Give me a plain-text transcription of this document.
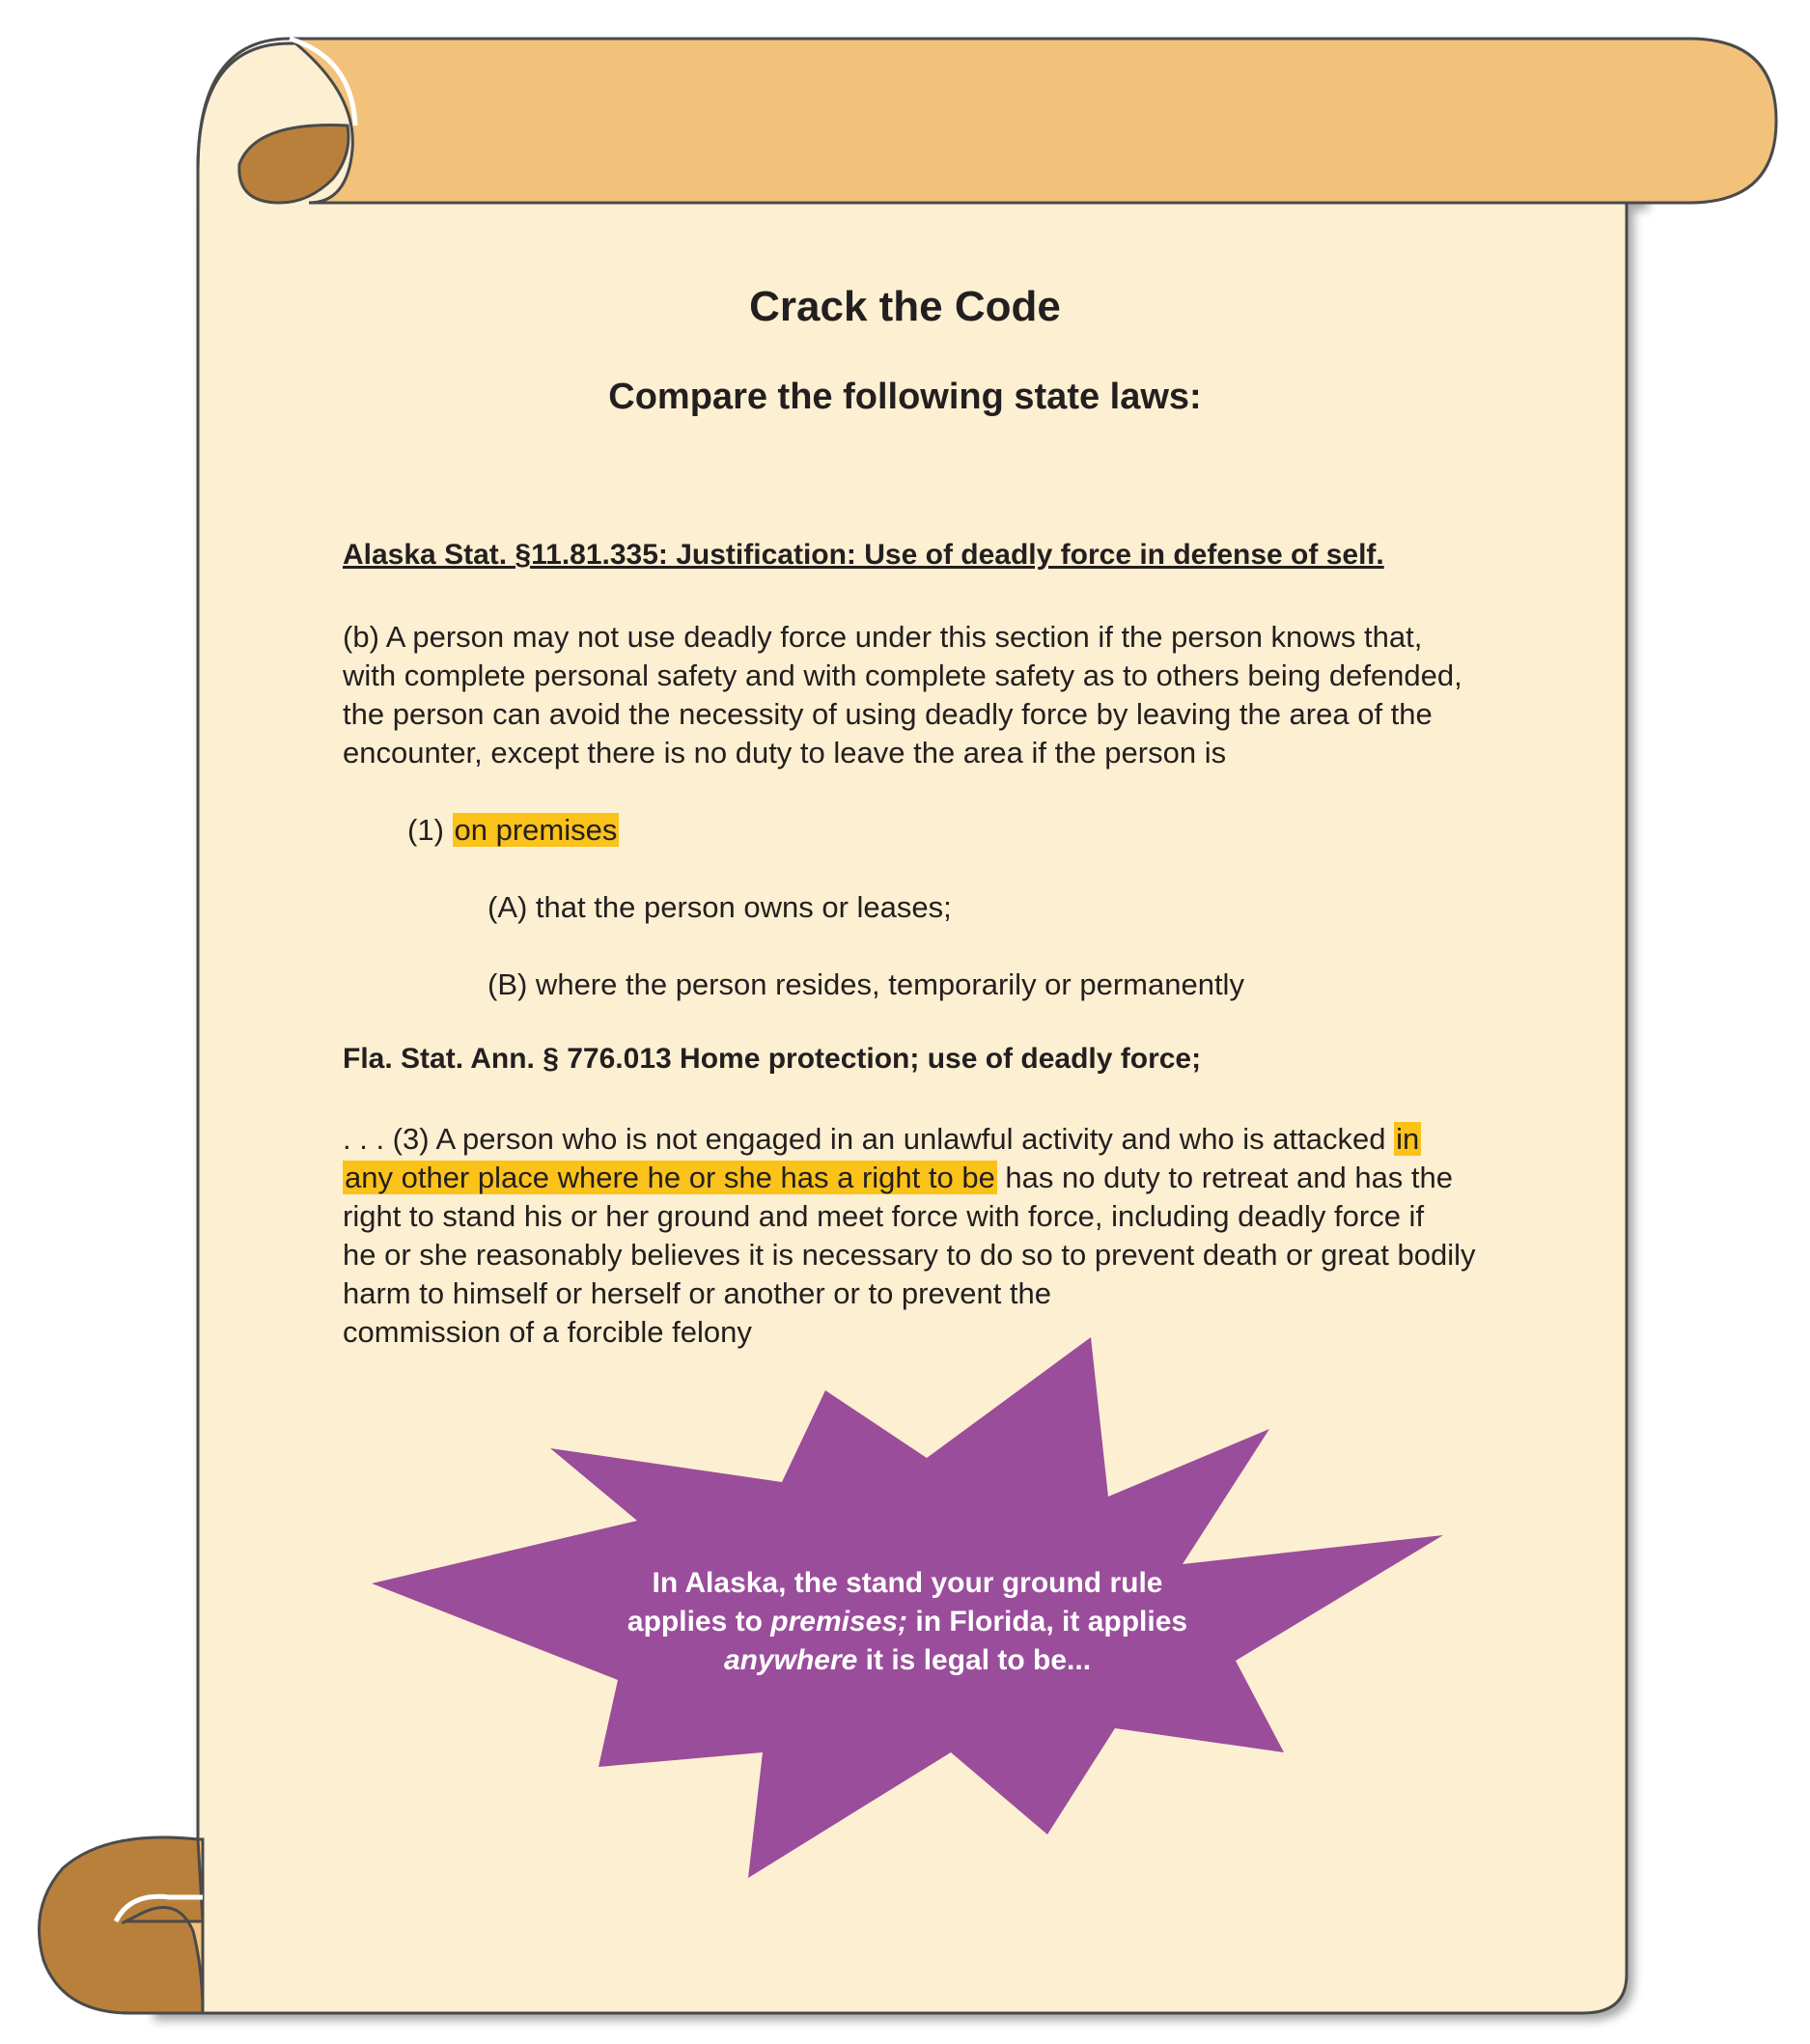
Crack the Code
Compare the following state laws:
Alaska Stat. §11.81.335: Justification: Use of deadly force in defense of self.
(b) A person may not use deadly force under this section if the person knows that,
with complete personal safety and with complete safety as to others being defended,
the person can avoid the necessity of using deadly force by leaving the area of the
encounter, except there is no duty to leave the area if the person is
(1) on premises
(A) that the person owns or leases;
(B) where the person resides, temporarily or permanently
Fla. Stat. Ann. § 776.013 Home protection; use of deadly force;
. . . (3) A person who is not engaged in an unlawful activity and who is attacked in
any other place where he or she has a right to be has no duty to retreat and has the
right to stand his or her ground and meet force with force, including deadly force if
he or she reasonably believes it is necessary to do so to prevent death or great bodily
harm to himself or herself or another or to prevent the
commission of a forcible felony
In Alaska, the stand your ground rule
applies to premises; in Florida, it applies
anywhere it is legal to be...
